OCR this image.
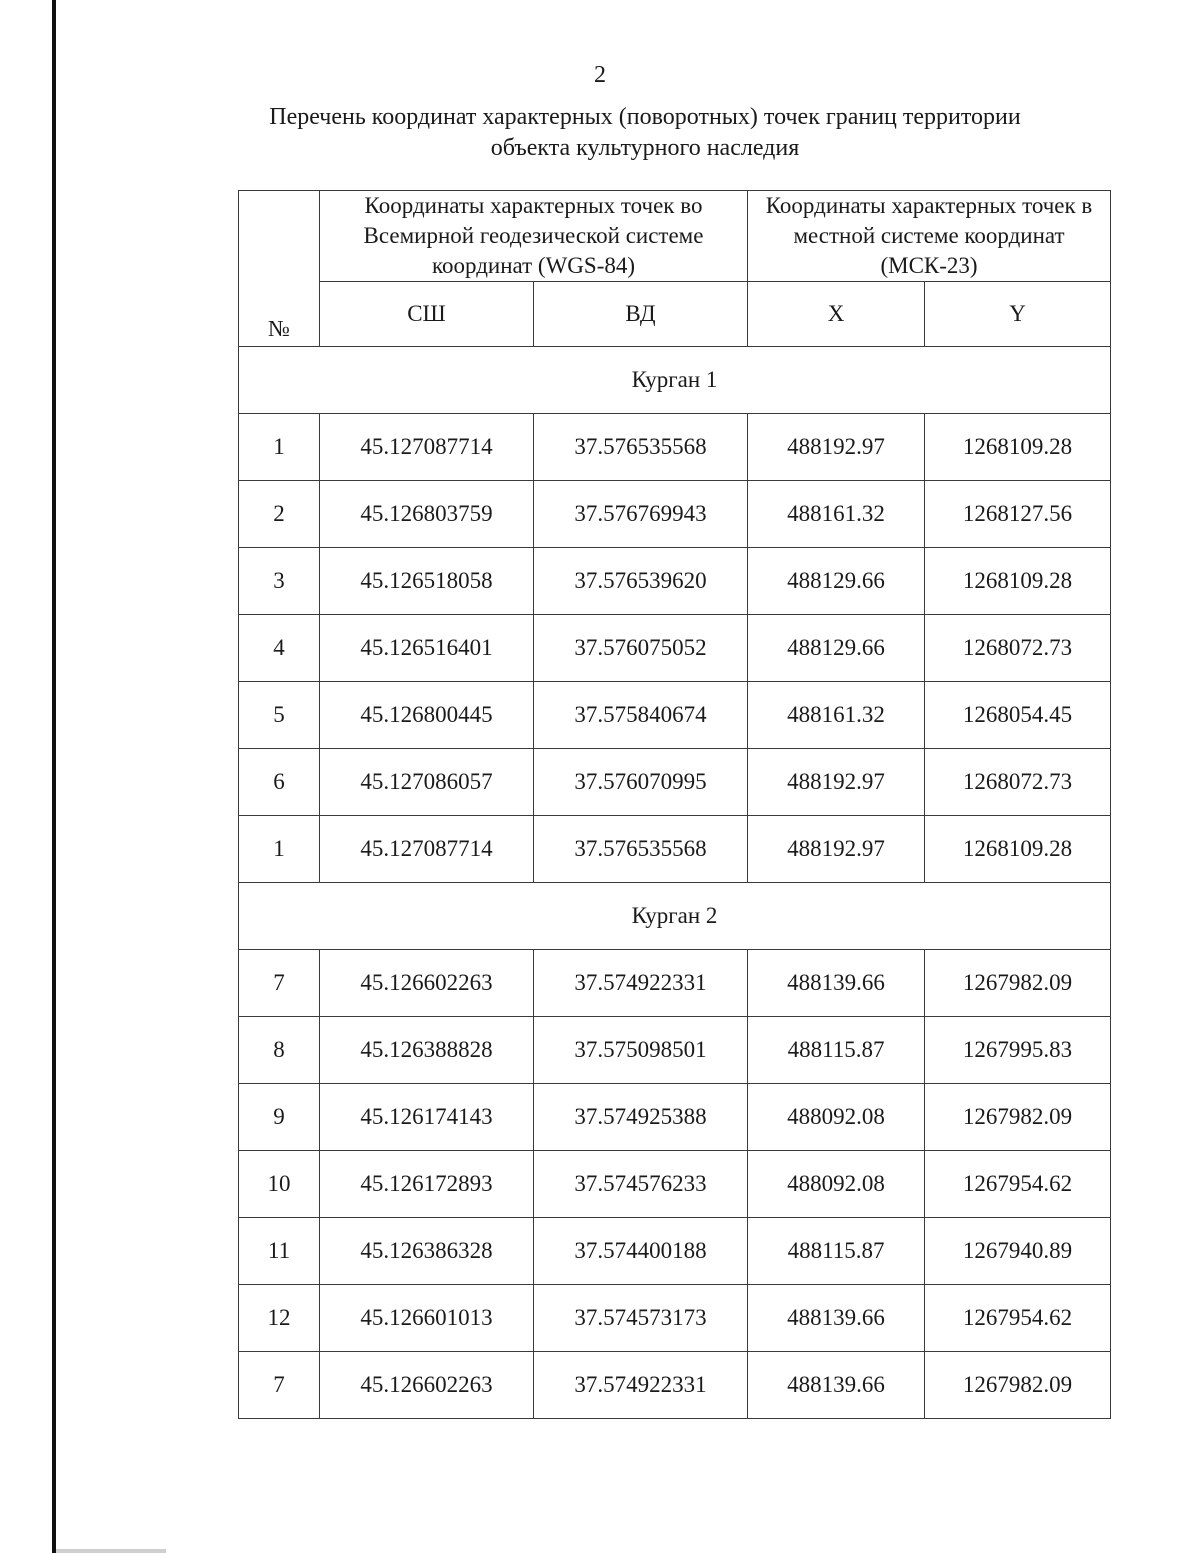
2
Перечень координат характерных (поворотных) точек границ территории
объекта культурного наследия
№	Координаты характерных точек во Всемирной геодезической системе координат (WGS-84)		Координаты характерных точек в местной системе координат (МСК-23)	
	СШ	ВД	X	Y
Курган 1				
1	45.127087714	37.576535568	488192.97	1268109.28
2	45.126803759	37.576769943	488161.32	1268127.56
3	45.126518058	37.576539620	488129.66	1268109.28
4	45.126516401	37.576075052	488129.66	1268072.73
5	45.126800445	37.575840674	488161.32	1268054.45
6	45.127086057	37.576070995	488192.97	1268072.73
1	45.127087714	37.576535568	488192.97	1268109.28
Курган 2				
7	45.126602263	37.574922331	488139.66	1267982.09
8	45.126388828	37.575098501	488115.87	1267995.83
9	45.126174143	37.574925388	488092.08	1267982.09
10	45.126172893	37.574576233	488092.08	1267954.62
11	45.126386328	37.574400188	488115.87	1267940.89
12	45.126601013	37.574573173	488139.66	1267954.62
7	45.126602263	37.574922331	488139.66	1267982.09
